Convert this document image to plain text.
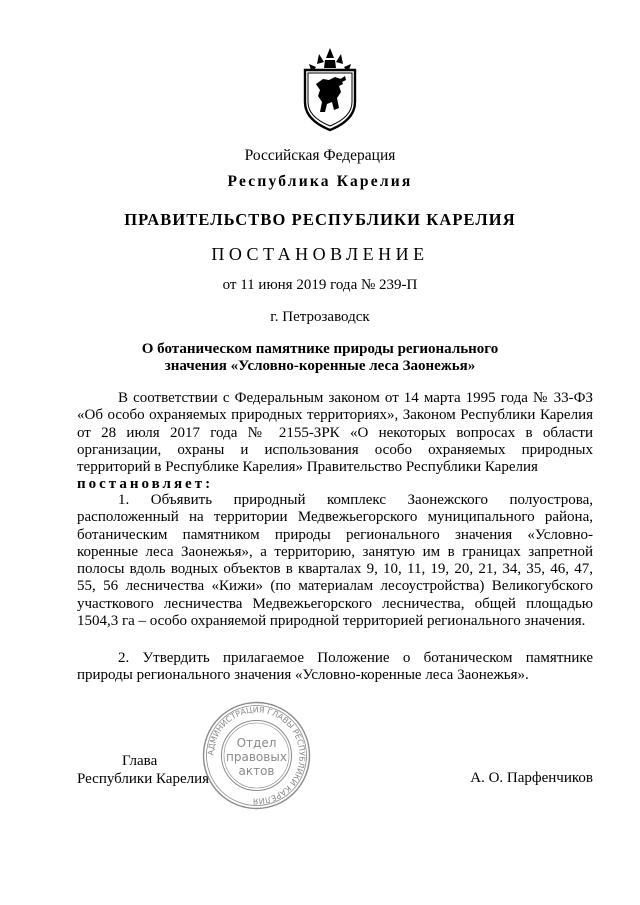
Российская Федерация
Республика Карелия
ПРАВИТЕЛЬСТВО РЕСПУБЛИКИ КАРЕЛИЯ
ПОСТАНОВЛЕНИЕ
от 11 июня 2019 года № 239-П
г. Петрозаводск
О ботаническом памятнике природы регионального
значения «Условно-коренные леса Заонежья»

В соответствии с Федеральным законом от 14 марта 1995 года № 33-ФЗ «Об особо охраняемых природных территориях», Законом Республики Карелия от 28 июля 2017 года № 2155-ЗРК «О некоторых вопросах в области организации, охраны и использования особо охраняемых природных территорий в Республике Карелия» Правительство Республики Карелия
постановляет:

1. Объявить природный комплекс Заонежского полуострова, расположенный на территории Медвежьегорского муниципального района, ботаническим памятником природы регионального значения «Условно-коренные леса Заонежья», а территорию, занятую им в границах запретной полосы вдоль водных объектов в кварталах 9, 10, 11, 19, 20, 21, 34, 35, 46, 47, 55, 56 лесничества «Кижи» (по материалам лесоустройства) Великогубского участкового лесничества Медвежьегорского лесничества, общей площадью 1504,3 га – особо охраняемой природной территорией регионального значения.

2. Утвердить прилагаемое Положение о ботаническом памятнике природы регионального значения «Условно-коренные леса Заонежья».

Глава
Республики Карелия	А. О. Парфенчиков
АДМИНИСТРАЦИЯ ГЛАВЫ РЕСПУБЛИКИ КАРЕЛИЯ
Отдел
правовых
актов
